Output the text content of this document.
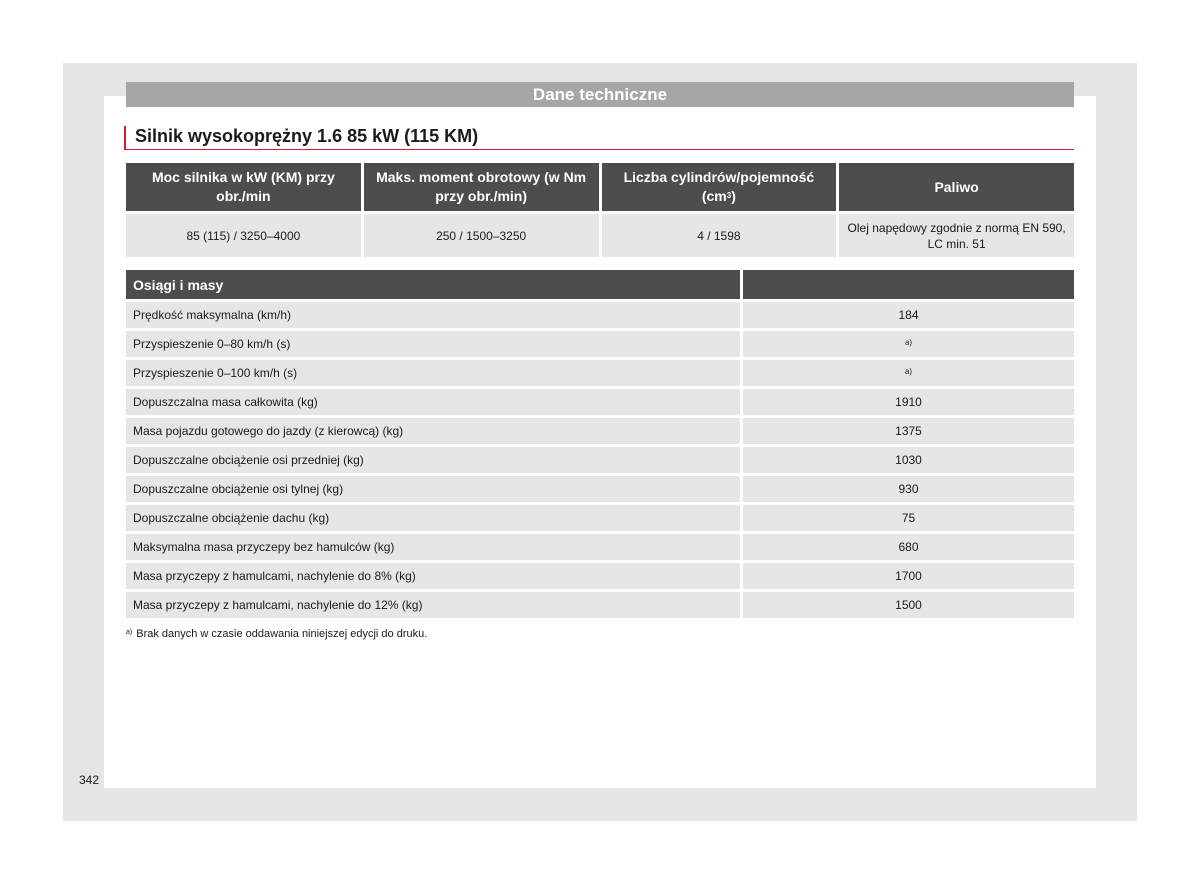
Dane techniczne
Silnik wysokoprężny 1.6 85 kW (115 KM)
Moc silnika w kW (KM) przy obr./min	Maks. moment obrotowy (w Nm przy obr./min)	Liczba cylindrów/pojemność $(cm^3)$	Paliwo
85 (115) / 3250–4000	250 / 1500–3250	4 / 1598	Olej napędowy zgodnie z normą EN 590, LC min. 51
Osiągi i masy	
Prędkość maksymalna (km/h)	184
Przyspieszenie 0–80 km/h (s)	$^{a)}$
Przyspieszenie 0–100 km/h (s)	$^{a)}$
Dopuszczalna masa całkowita (kg)	1910
Masa pojazdu gotowego do jazdy (z kierowcą) (kg)	1375
Dopuszczalne obciążenie osi przedniej (kg)	1030
Dopuszczalne obciążenie osi tylnej (kg)	930
Dopuszczalne obciążenie dachu (kg)	75
Maksymalna masa przyczepy bez hamulców (kg)	680
Masa przyczepy z hamulcami, nachylenie do 8% (kg)	1700
Masa przyczepy z hamulcami, nachylenie do 12% (kg)	1500
$^{a)}$ Brak danych w czasie oddawania niniejszej edycji do druku.
342
